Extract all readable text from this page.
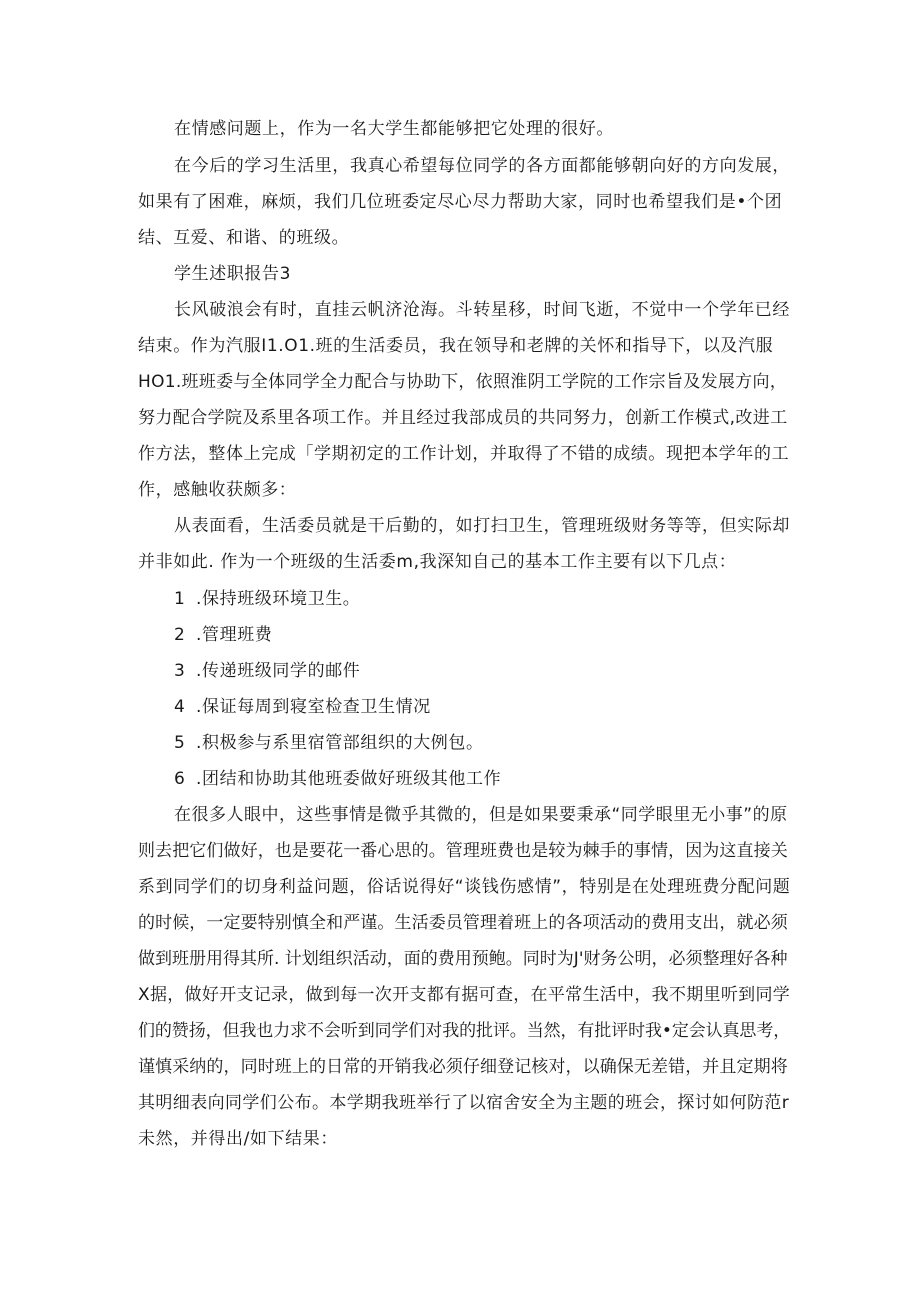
在情感问题上，作为一名大学生都能够把它处理的很好。
在今后的学习生活里，我真心希望每位同学的各方面都能够朝向好的方向发展，
如果有了困难，麻烦，我们几位班委定尽心尽力帮助大家，同时也希望我们是•个团
结、互爱、和谐、的班级。
学生述职报告3
长风破浪会有时，直挂云帆济沧海。斗转星移，时间飞逝，不觉中一个学年已经
结束。作为汽服I1.O1.班的生活委员，我在领导和老牌的关怀和指导下，以及汽服
HO1.班班委与全体同学全力配合与协助下，依照淮阴工学院的工作宗旨及发展方向，
努力配合学院及系里各项工作。并且经过我部成员的共同努力，创新工作模式,改进工
作方法，整体上完成「学期初定的工作计划，并取得了不错的成绩。现把本学年的工
作，感触收获颇多：
从表面看，生活委员就是干后勤的，如打扫卫生，管理班级财务等等，但实际却
并非如此. 作为一个班级的生活委m,我深知自己的基本工作主要有以下几点：
1 .保持班级环境卫生。
2 .管理班费
3 .传递班级同学的邮件
4 .保证每周到寝室检查卫生情况
5 .积极参与系里宿管部组织的大例包。
6 .团结和协助其他班委做好班级其他工作
在很多人眼中，这些事情是微乎其微的，但是如果要秉承“同学眼里无小事”的原
则去把它们做好，也是要花一番心思的。管理班费也是较为棘手的事情，因为这直接关
系到同学们的切身利益问题，俗话说得好“谈钱伤感情”，特别是在处理班费分配问题
的时候，一定要特别慎全和严谨。生活委员管理着班上的各项活动的费用支出，就必须
做到班册用得其所. 计划组织活动，面的费用预鲍。同时为J'财务公明，必须整理好各种
X据，做好开支记录，做到每一次开支都有据可查，在平常生活中，我不期里听到同学
们的赞扬，但我也力求不会听到同学们对我的批评。当然，有批评时我•定会认真思考，
谨慎采纳的，同时班上的日常的开销我必须仔细登记核对，以确保无差错，并且定期将
其明细表向同学们公布。本学期我班举行了以宿舍安全为主题的班会，探讨如何防范r
未然，并得出/如下结果：
